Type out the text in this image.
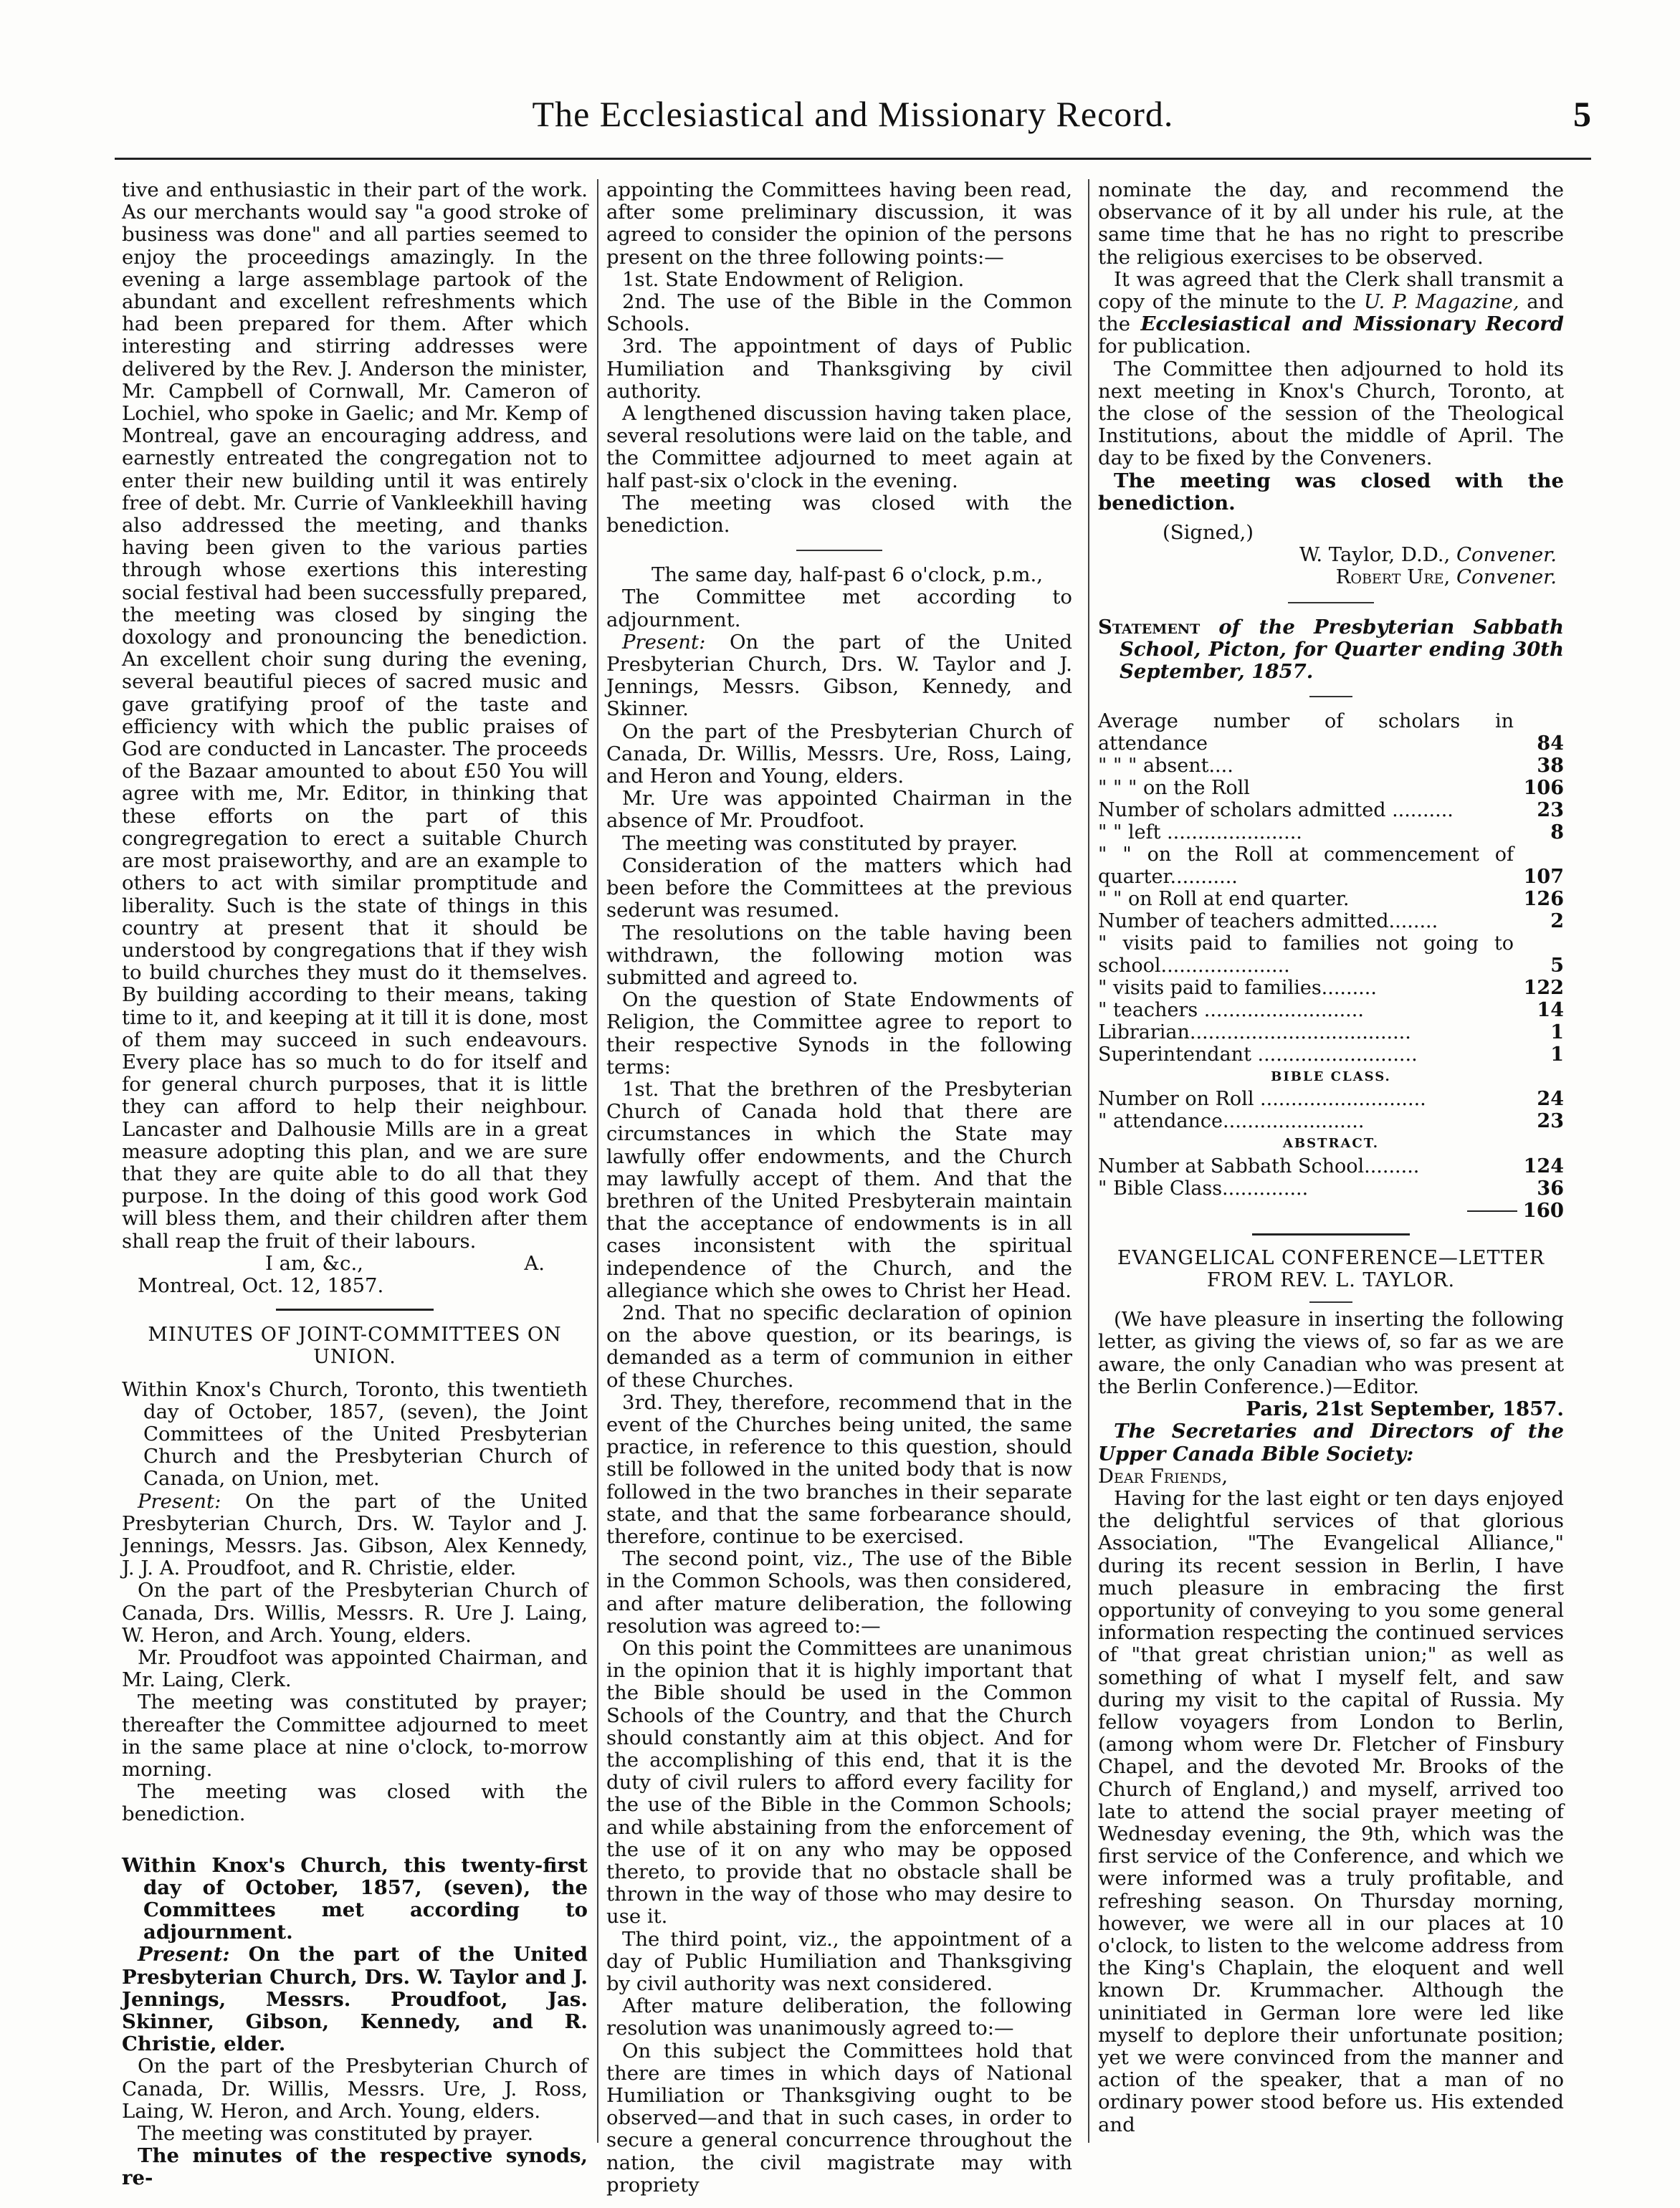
The Ecclesiastical and Missionary Record.	5

tive and enthusiastic in their part of the work. As our merchants would say "a good stroke of business was done" and all parties seemed to enjoy the proceedings amazingly. In the evening a large assemblage partook of the abundant and excellent refreshments which had been prepared for them. After which interesting and stirring addresses were delivered by the Rev. J. Anderson the minister, Mr. Campbell of Cornwall, Mr. Cameron of Lochiel, who spoke in Gaelic; and Mr. Kemp of Montreal, gave an encouraging address, and earnestly entreated the congregation not to enter their new building until it was entirely free of debt. Mr. Currie of Vankleekhill having also addressed the meeting, and thanks having been given to the various parties through whose exertions this interesting social festival had been successfully prepared, the meeting was closed by singing the doxology and pronouncing the benediction. An excellent choir sung during the evening, several beautiful pieces of sacred music and gave gratifying proof of the taste and efficiency with which the public praises of God are conducted in Lancaster. The proceeds of the Bazaar amounted to about £50 You will agree with me, Mr. Editor, in thinking that these efforts on the part of this congregregation to erect a suitable Church are most praiseworthy, and are an example to others to act with similar promptitude and liberality. Such is the state of things in this country at present that it should be understood by congregations that if they wish to build churches they must do it themselves. By building according to their means, taking time to it, and keeping at it till it is done, most of them may succeed in such endeavours. Every place has so much to do for itself and for general church purposes, that it is little they can afford to help their neighbour. Lancaster and Dalhousie Mills are in a great measure adopting this plan, and we are sure that they are quite able to do all that they purpose. In the doing of this good work God will bless them, and their children after them shall reap the fruit of their labours.

I am, &c.,	A.

Montreal, Oct. 12, 1857.

MINUTES OF JOINT-COMMITTEES ON UNION.

Within Knox's Church, Toronto, this twentieth day of October, 1857, (seven), the Joint Committees of the United Presbyterian Church and the Presbyterian Church of Canada, on Union, met.

Present: On the part of the United Presbyterian Church, Drs. W. Taylor and J. Jennings, Messrs. Jas. Gibson, Alex Kennedy, J. J. A. Proudfoot, and R. Christie, elder.

On the part of the Presbyterian Church of Canada, Drs. Willis, Messrs. R. Ure J. Laing, W. Heron, and Arch. Young, elders.

Mr. Proudfoot was appointed Chairman, and Mr. Laing, Clerk.

The meeting was constituted by prayer; thereafter the Committee adjourned to meet in the same place at nine o'clock, to-morrow morning.

The meeting was closed with the benediction.

Within Knox's Church, this twenty-first day of October, 1857, (seven), the Committees met according to adjournment.

Present: On the part of the United Presbyterian Church, Drs. W. Taylor and J. Jennings, Messrs. Proudfoot, Jas. Skinner, Gibson, Kennedy, and R. Christie, elder.

On the part of the Presbyterian Church of Canada, Dr. Willis, Messrs. Ure, J. Ross, Laing, W. Heron, and Arch. Young, elders.

The meeting was constituted by prayer.

The minutes of the respective synods, re-

appointing the Committees having been read, after some preliminary discussion, it was agreed to consider the opinion of the persons present on the three following points:—

1st. State Endowment of Religion.

2nd. The use of the Bible in the Common Schools.

3rd. The appointment of days of Public Humiliation and Thanksgiving by civil authority.

A lengthened discussion having taken place, several resolutions were laid on the table, and the Committee adjourned to meet again at half past-six o'clock in the evening.

The meeting was closed with the benediction.

The same day, half-past 6 o'clock, p.m.,

The Committee met according to adjournment.

Present: On the part of the United Presbyterian Church, Drs. W. Taylor and J. Jennings, Messrs. Gibson, Kennedy, and Skinner.

On the part of the Presbyterian Church of Canada, Dr. Willis, Messrs. Ure, Ross, Laing, and Heron and Young, elders.

Mr. Ure was appointed Chairman in the absence of Mr. Proudfoot.

The meeting was constituted by prayer.

Consideration of the matters which had been before the Committees at the previous sederunt was resumed.

The resolutions on the table having been withdrawn, the following motion was submitted and agreed to.

On the question of State Endowments of Religion, the Committee agree to report to their respective Synods in the following terms:

1st. That the brethren of the Presbyterian Church of Canada hold that there are circumstances in which the State may lawfully offer endowments, and the Church may lawfully accept of them. And that the brethren of the United Presbyterain maintain that the acceptance of endowments is in all cases inconsistent with the spiritual independence of the Church, and the allegiance which she owes to Christ her Head.

2nd. That no specific declaration of opinion on the above question, or its bearings, is demanded as a term of communion in either of these Churches.

3rd. They, therefore, recommend that in the event of the Churches being united, the same practice, in reference to this question, should still be followed in the united body that is now followed in the two branches in their separate state, and that the same forbearance should, therefore, continue to be exercised.

The second point, viz., The use of the Bible in the Common Schools, was then considered, and after mature deliberation, the following resolution was agreed to:—

On this point the Committees are unanimous in the opinion that it is highly important that the Bible should be used in the Common Schools of the Country, and that the Church should constantly aim at this object. And for the accomplishing of this end, that it is the duty of civil rulers to afford every facility for the use of the Bible in the Common Schools; and while abstaining from the enforcement of the use of it on any who may be opposed thereto, to provide that no obstacle shall be thrown in the way of those who may desire to use it.

The third point, viz., the appointment of a day of Public Humiliation and Thanksgiving by civil authority was next considered.

After mature deliberation, the following resolution was unanimously agreed to:—

On this subject the Committees hold that there are times in which days of National Humiliation or Thanksgiving ought to be observed—and that in such cases, in order to secure a general concurrence throughout the nation, the civil magistrate may with propriety

nominate the day, and recommend the observance of it by all under his rule, at the same time that he has no right to prescribe the religious exercises to be observed.

It was agreed that the Clerk shall transmit a copy of the minute to the U. P. Magazine, and the Ecclesiastical and Missionary Record for publication.

The Committee then adjourned to hold its next meeting in Knox's Church, Toronto, at the close of the session of the Theological Institutions, about the middle of April. The day to be fixed by the Conveners.

The meeting was closed with the benediction.

(Signed,)
W. Taylor, D.D., Convener.
Robert Ure, Convener.

Statement of the Presbyterian Sabbath School, Picton, for Quarter ending 30th September, 1857.

Average number of scholars in attendance	84
" " " absent....	38
" " " on the Roll	106
Number of scholars admitted ..........	23
" " left ......................	8
" " on the Roll at commencement of quarter...........	107
" " on Roll at end quarter.	126
Number of teachers admitted........	2
" visits paid to families not going to school.....................	5
" visits paid to families.........	122
" teachers ..........................	14
Librarian....................................	1
Superintendant ..........................	1
BIBLE CLASS.
Number on Roll ...........................	24
" attendance.......................	23
ABSTRACT.
Number at Sabbath School.........	124
" Bible Class..............	36
160
EVANGELICAL CONFERENCE—LETTER FROM REV. L. TAYLOR.

(We have pleasure in inserting the following letter, as giving the views of, so far as we are aware, the only Canadian who was present at the Berlin Conference.)—Editor.

Paris, 21st September, 1857.

The Secretaries and Directors of the Upper Canada Bible Society:

Dear Friends,

Having for the last eight or ten days enjoyed the delightful services of that glorious Association, "The Evangelical Alliance," during its recent session in Berlin, I have much pleasure in embracing the first opportunity of conveying to you some general information respecting the continued services of "that great christian union;" as well as something of what I myself felt, and saw during my visit to the capital of Russia. My fellow voyagers from London to Berlin, (among whom were Dr. Fletcher of Finsbury Chapel, and the devoted Mr. Brooks of the Church of England,) and myself, arrived too late to attend the social prayer meeting of Wednesday evening, the 9th, which was the first service of the Conference, and which we were informed was a truly profitable, and refreshing season. On Thursday morning, however, we were all in our places at 10 o'clock, to listen to the welcome address from the King's Chaplain, the eloquent and well known Dr. Krummacher. Although the uninitiated in German lore were led like myself to deplore their unfortunate position; yet we were convinced from the manner and action of the speaker, that a man of no ordinary power stood before us. His extended and
